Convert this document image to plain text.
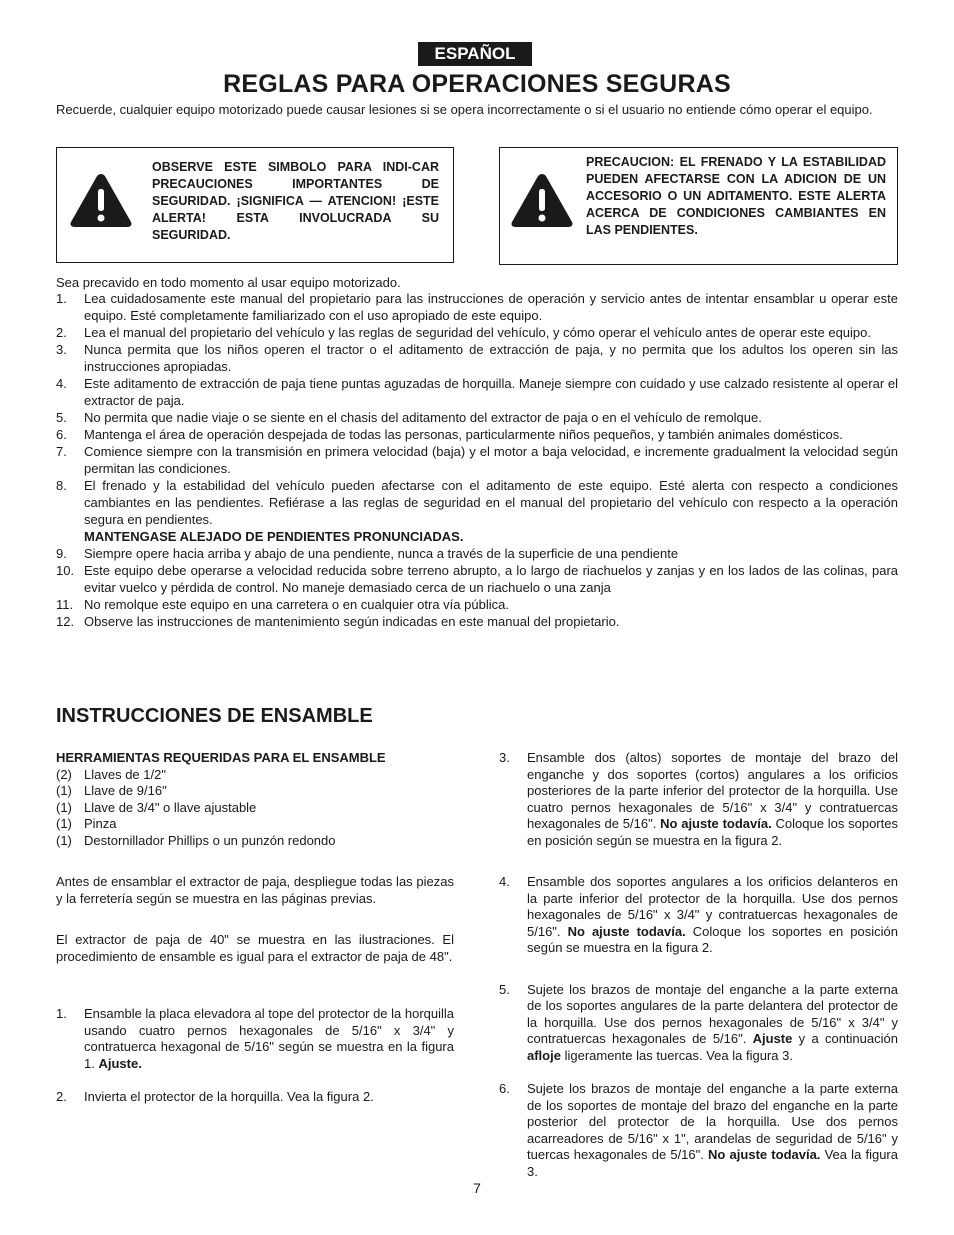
ESPAÑOL
REGLAS PARA OPERACIONES SEGURAS

Recuerde, cualquier equipo motorizado puede causar lesiones si se opera incorrectamente o si el usuario no entiende cómo operar el equipo.

OBSERVE ESTE SIMBOLO PARA INDI-CAR PRECAUCIONES IMPORTANTES DE SEGURIDAD. ¡SIGNIFICA — ATENCION! ¡ESTE ALERTA! ESTA INVOLUCRADA SU SEGURIDAD.

PRECAUCION: EL FRENADO Y LA ESTABILIDAD PUEDEN AFECTARSE CON LA ADICION DE UN ACCESORIO O UN ADITAMENTO. ESTE ALERTA ACERCA DE CONDICIONES CAMBIANTES EN LAS PENDIENTES.

Sea precavido en todo momento al usar equipo motorizado.

1. Lea cuidadosamente este manual del propietario para las instrucciones de operación y servicio antes de intentar ensamblar u operar este equipo. Esté completamente familiarizado con el uso apropiado de este equipo.
2. Lea el manual del propietario del vehículo y las reglas de seguridad del vehículo, y cómo operar el vehículo antes de operar este equipo.
3. Nunca permita que los niños operen el tractor o el aditamento de extracción de paja, y no permita que los adultos los operen sin las instrucciones apropiadas.
4. Este aditamento de extracción de paja tiene puntas aguzadas de horquilla. Maneje siempre con cuidado y use calzado resistente al operar el extractor de paja.
5. No permita que nadie viaje o se siente en el chasis del aditamento del extractor de paja o en el vehículo de remolque.
6. Mantenga el área de operación despejada de todas las personas, particularmente niños pequeños, y también animales domésticos.
7. Comience siempre con la transmisión en primera velocidad (baja) y el motor a baja velocidad, e incremente gradualment la velocidad según permitan las condiciones.
8. El frenado y la estabilidad del vehículo pueden afectarse con el aditamento de este equipo. Esté alerta con respecto a condiciones cambiantes en las pendientes. Refiérase a las reglas de seguridad en el manual del propietario del vehículo con respecto a la operación segura en pendientes.
MANTENGASE ALEJADO DE PENDIENTES PRONUNCIADAS.
9. Siempre opere hacia arriba y abajo de una pendiente, nunca a través de la superficie de una pendiente
10. Este equipo debe operarse a velocidad reducida sobre terreno abrupto, a lo largo de riachuelos y zanjas y en los lados de las colinas, para evitar vuelco y pérdida de control. No maneje demasiado cerca de un riachuelo o una zanja
11. No remolque este equipo en una carretera o en cualquier otra vía pública.
12. Observe las instrucciones de mantenimiento según indicadas en este manual del propietario.
INSTRUCCIONES DE ENSAMBLE

HERRAMIENTAS REQUERIDAS PARA EL ENSAMBLE

(2) Llaves de 1/2"
(1) Llave de 9/16"
(1) Llave de 3/4" o llave ajustable
(1) Pinza
(1) Destornillador Phillips o un punzón redondo

Antes de ensamblar el extractor de paja, despliegue todas las piezas y la ferretería según se muestra en las páginas previas.

El extractor de paja de 40" se muestra en las ilustraciones. El procedimiento de ensamble es igual para el extractor de paja de 48".

1. Ensamble la placa elevadora al tope del protector de la horquilla usando cuatro pernos hexagonales de 5/16" x 3/4" y contratuerca hexagonal de 5/16" según se muestra en la figura 1. Ajuste.

2. Invierta el protector de la horquilla. Vea la figura 2.

3. Ensamble dos (altos) soportes de montaje del brazo del enganche y dos soportes (cortos) angulares a los orificios posteriores de la parte inferior del protector de la horquilla. Use cuatro pernos hexagonales de 5/16" x 3/4" y contratuercas hexagonales de 5/16". No ajuste todavía. Coloque los soportes en posición según se muestra en la figura 2.

4. Ensamble dos soportes angulares a los orificios delanteros en la parte inferior del protector de la horquilla. Use dos pernos hexagonales de 5/16" x 3/4" y contratuercas hexagonales de 5/16". No ajuste todavía. Coloque los soportes en posición según se muestra en la figura 2.

5. Sujete los brazos de montaje del enganche a la parte externa de los soportes angulares de la parte delantera del protector de la horquilla. Use dos pernos hexagonales de 5/16" x 3/4" y contratuercas hexagonales de 5/16". Ajuste y a continuación afloje ligeramente las tuercas. Vea la figura 3.

6. Sujete los brazos de montaje del enganche a la parte externa de los soportes de montaje del brazo del enganche en la parte posterior del protector de la horquilla. Use dos pernos acarreadores de 5/16" x 1", arandelas de seguridad de 5/16" y tuercas hexagonales de 5/16". No ajuste todavía. Vea la figura 3.

7
